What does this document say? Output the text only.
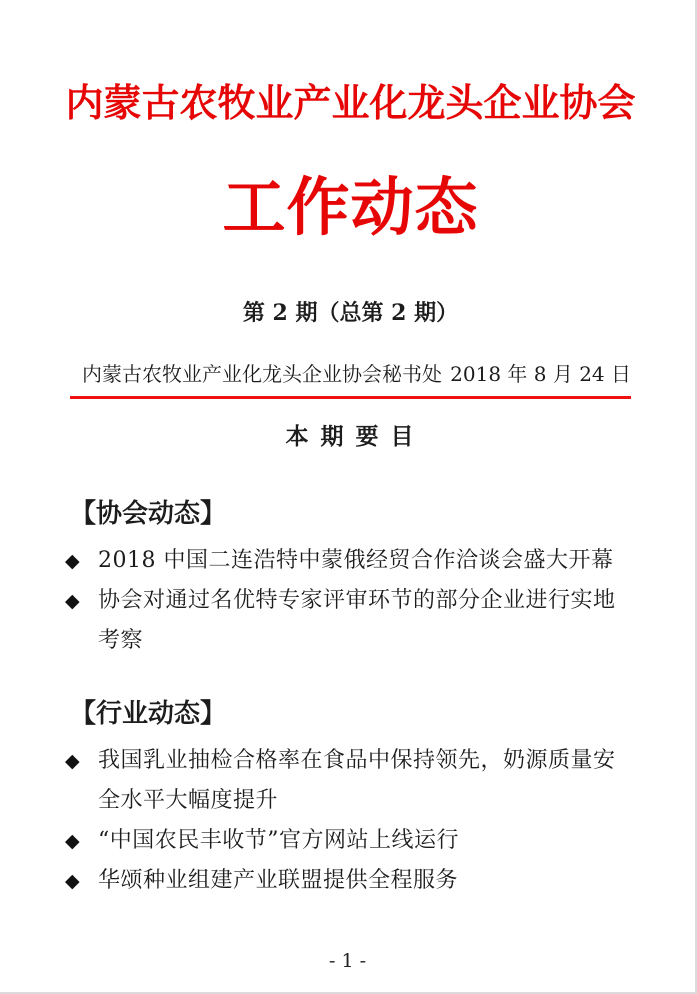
内蒙古农牧业产业化龙头企业协会
工作动态
第 2 期（总第 2 期）
内蒙古农牧业产业化龙头企业协会秘书处 2018 年 8 月 24 日
本 期 要 目
【协会动态】
◆ 2018 中国二连浩特中蒙俄经贸合作洽谈会盛大开幕
◆ 协会对通过名优特专家评审环节的部分企业进行实地考察
【行业动态】
◆ 我国乳业抽检合格率在食品中保持领先，奶源质量安全水平大幅度提升
◆ “中国农民丰收节”官方网站上线运行
◆ 华颂种业组建产业联盟提供全程服务
- 1 -
